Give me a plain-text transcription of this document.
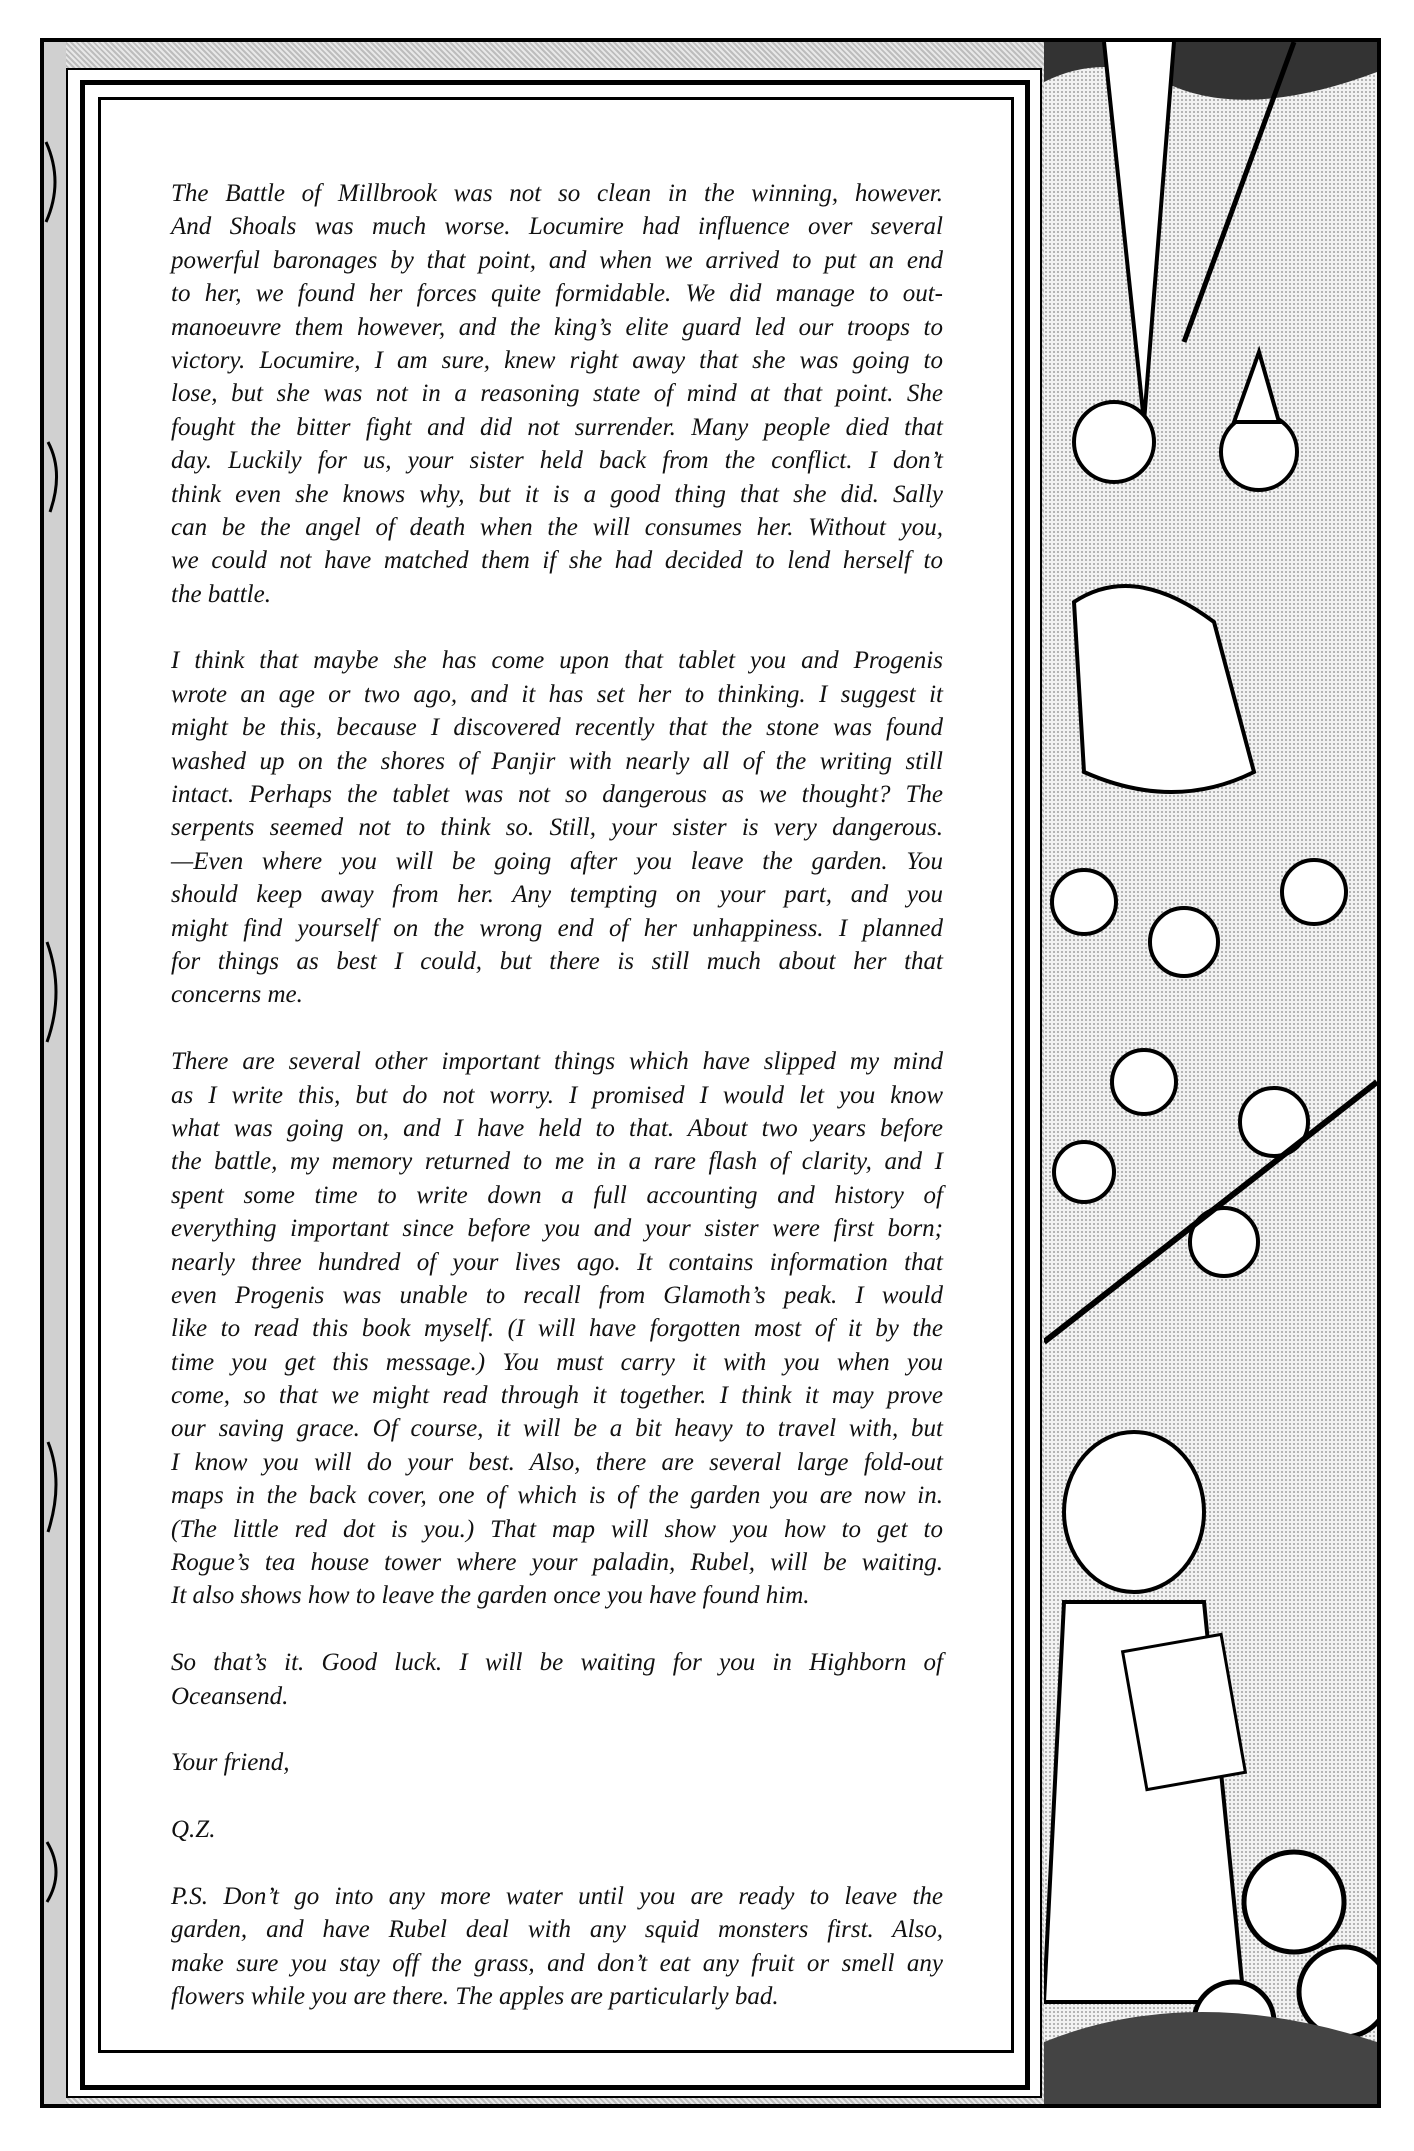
The Battle of Millbrook was not so clean in the winning, however.
And Shoals was much worse. Locumire had influence over several
powerful baronages by that point, and when we arrived to put an end
to her, we found her forces quite formidable. We did manage to out-
manoeuvre them however, and the king’s elite guard led our troops to
victory. Locumire, I am sure, knew right away that she was going to
lose, but she was not in a reasoning state of mind at that point. She
fought the bitter fight and did not surrender. Many people died that
day. Luckily for us, your sister held back from the conflict. I don’t
think even she knows why, but it is a good thing that she did. Sally
can be the angel of death when the will consumes her. Without you,
we could not have matched them if she had decided to lend herself to
the battle.
I think that maybe she has come upon that tablet you and Progenis
wrote an age or two ago, and it has set her to thinking. I suggest it
might be this, because I discovered recently that the stone was found
washed up on the shores of Panjir with nearly all of the writing still
intact. Perhaps the tablet was not so dangerous as we thought? The
serpents seemed not to think so. Still, your sister is very dangerous.
—Even where you will be going after you leave the garden. You
should keep away from her. Any tempting on your part, and you
might find yourself on the wrong end of her unhappiness. I planned
for things as best I could, but there is still much about her that
concerns me.
There are several other important things which have slipped my mind
as I write this, but do not worry. I promised I would let you know
what was going on, and I have held to that. About two years before
the battle, my memory returned to me in a rare flash of clarity, and I
spent some time to write down a full accounting and history of
everything important since before you and your sister were first born;
nearly three hundred of your lives ago. It contains information that
even Progenis was unable to recall from Glamoth’s peak. I would
like to read this book myself. (I will have forgotten most of it by the
time you get this message.) You must carry it with you when you
come, so that we might read through it together. I think it may prove
our saving grace. Of course, it will be a bit heavy to travel with, but
I know you will do your best. Also, there are several large fold-out
maps in the back cover, one of which is of the garden you are now in.
(The little red dot is you.) That map will show you how to get to
Rogue’s tea house tower where your paladin, Rubel, will be waiting.
It also shows how to leave the garden once you have found him.
So that’s it. Good luck. I will be waiting for you in Highborn of
Oceansend.
Your friend,
Q.Z.
P.S. Don’t go into any more water until you are ready to leave the
garden, and have Rubel deal with any squid monsters first. Also,
make sure you stay off the grass, and don’t eat any fruit or smell any
flowers while you are there. The apples are particularly bad.
